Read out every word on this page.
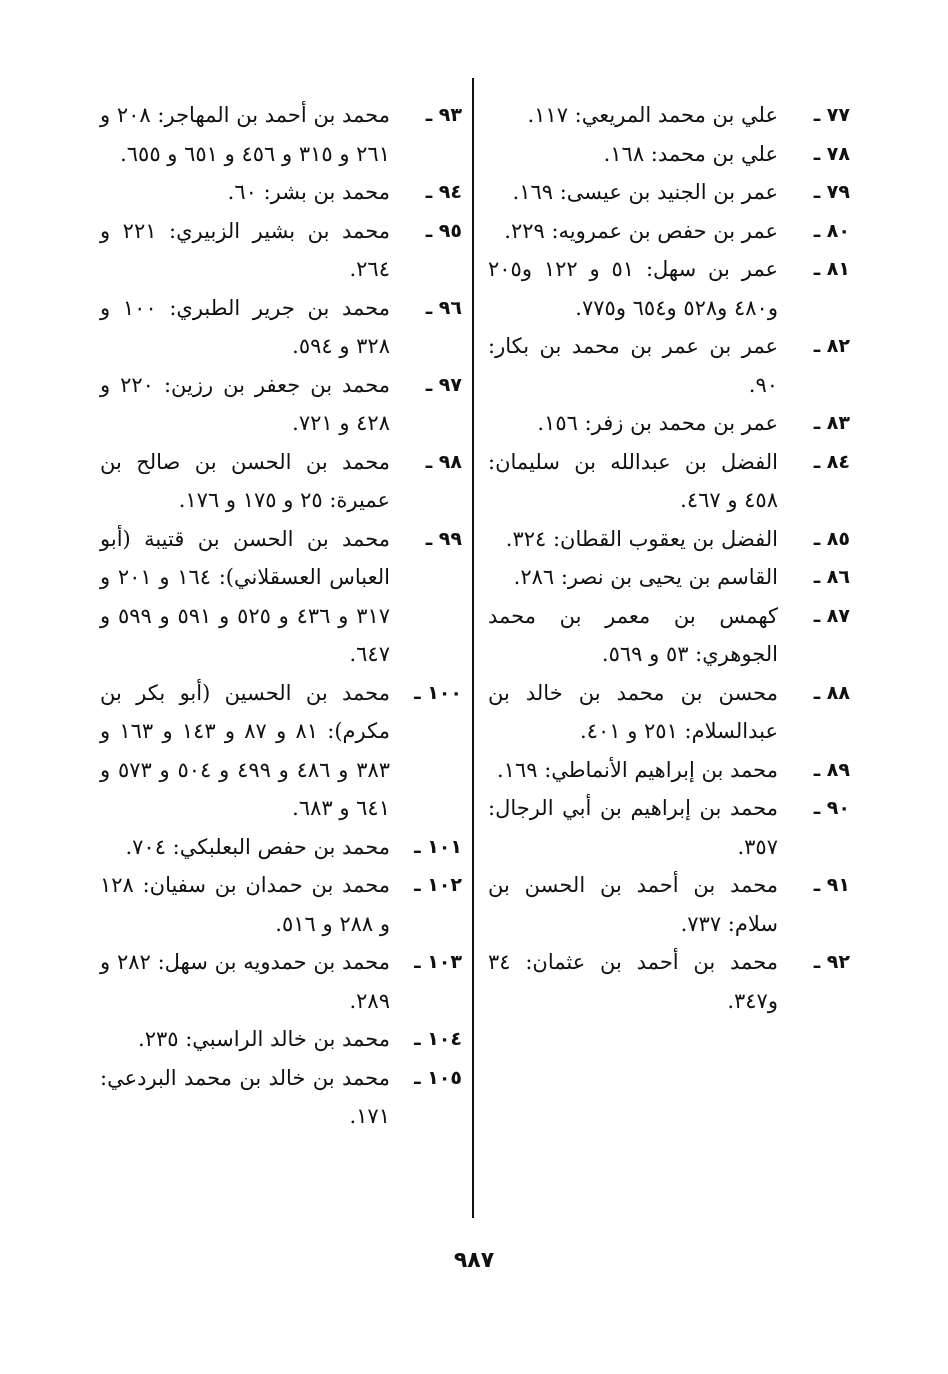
٧٧ ـ
علي بن محمد المريعي: ١١٧.
٧٨ ـ
علي بن محمد: ١٦٨.
٧٩ ـ
عمر بن الجنيد بن عيسى: ١٦٩.
٨٠ ـ
عمر بن حفص بن عمرويه: ٢٢٩.
٨١ ـ
عمر بن سهل: ٥١ و ١٢٢ و٢٠٥ و٤٨٠ و٥٢٨ و٦٥٤ و٧٧٥.
٨٢ ـ
عمر بن عمر بن محمد بن بكار: ٩٠.
٨٣ ـ
عمر بن محمد بن زفر: ١٥٦.
٨٤ ـ
الفضل بن عبدالله بن سليمان: ٤٥٨ و ٤٦٧.
٨٥ ـ
الفضل بن يعقوب القطان: ٣٢٤.
٨٦ ـ
القاسم بن يحيى بن نصر: ٢٨٦.
٨٧ ـ
كهمس بن معمر بن محمد الجوهري: ٥٣ و ٥٦٩.
٨٨ ـ
محسن بن محمد بن خالد بن عبدالسلام: ٢٥١ و ٤٠١.
٨٩ ـ
محمد بن إبراهيم الأنماطي: ١٦٩.
٩٠ ـ
محمد بن إبراهيم بن أبي الرجال: ٣٥٧.
٩١ ـ
محمد بن أحمد بن الحسن بن سلام: ٧٣٧.
٩٢ ـ
محمد بن أحمد بن عثمان: ٣٤ و٣٤٧.
٩٣ ـ
محمد بن أحمد بن المهاجر: ٢٠٨ و ٢٦١ و ٣١٥ و ٤٥٦ و ٦٥١ و ٦٥٥.
٩٤ ـ
محمد بن بشر: ٦٠.
٩٥ ـ
محمد بن بشير الزبيري: ٢٢١ و ٢٦٤.
٩٦ ـ
محمد بن جرير الطبري: ١٠٠ و ٣٢٨ و ٥٩٤.
٩٧ ـ
محمد بن جعفر بن رزين: ٢٢٠ و ٤٢٨ و ٧٢١.
٩٨ ـ
محمد بن الحسن بن صالح بن عميرة: ٢٥ و ١٧٥ و ١٧٦.
٩٩ ـ
محمد بن الحسن بن قتيبة (أبو العباس العسقلاني): ١٦٤ و ٢٠١ و ٣١٧ و ٤٣٦ و ٥٢٥ و ٥٩١ و ٥٩٩ و ٦٤٧.
١٠٠ ـ
محمد بن الحسين (أبو بكر بن مكرم): ٨١ و ٨٧ و ١٤٣ و ١٦٣ و ٣٨٣ و ٤٨٦ و ٤٩٩ و ٥٠٤ و ٥٧٣ و ٦٤١ و ٦٨٣.
١٠١ ـ
محمد بن حفص البعلبكي: ٧٠٤.
١٠٢ ـ
محمد بن حمدان بن سفيان: ١٢٨ و ٢٨٨ و ٥١٦.
١٠٣ ـ
محمد بن حمدويه بن سهل: ٢٨٢ و ٢٨٩.
١٠٤ ـ
محمد بن خالد الراسبي: ٢٣٥.
١٠٥ ـ
محمد بن خالد بن محمد البردعي: ١٧١.
٩٨٧
